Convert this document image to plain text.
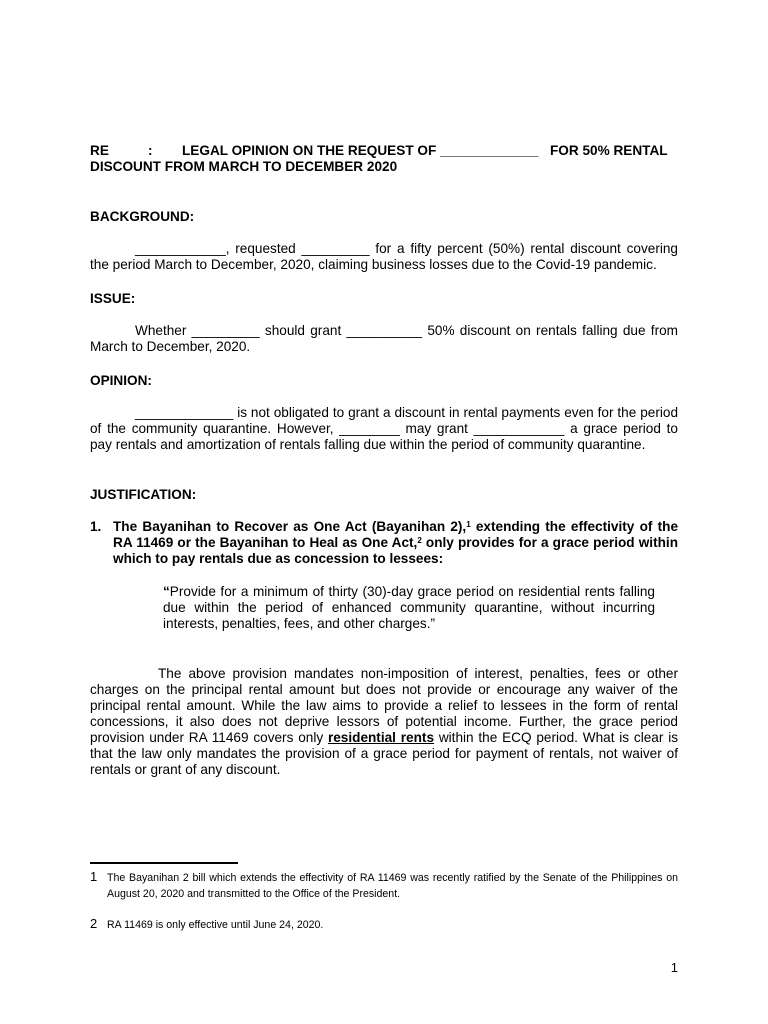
RE	: LEGAL OPINION ON THE REQUEST OF _____________ FOR 50% RENTAL
DISCOUNT FROM MARCH TO DECEMBER 2020
BACKGROUND:
____________, requested _________ for a fifty percent (50%) rental discount covering the period March to December, 2020, claiming business losses due to the Covid-19 pandemic.
ISSUE:
Whether _________ should grant __________ 50% discount on rentals falling due from March to December, 2020.
OPINION:
_____________ is not obligated to grant a discount in rental payments even for the period of the community quarantine. However, ________ may grant ____________ a grace period to pay rentals and amortization of rentals falling due within the period of community quarantine.
JUSTIFICATION:
1. The Bayanihan to Recover as One Act (Bayanihan 2),$^1$ extending the effectivity of the RA 11469 or the Bayanihan to Heal as One Act,$^2$ only provides for a grace period within which to pay rentals due as concession to lessees:
“Provide for a minimum of thirty (30)-day grace period on residential rents falling due within the period of enhanced community quarantine, without incurring interests, penalties, fees, and other charges.”
The above provision mandates non-imposition of interest, penalties, fees or other charges on the principal rental amount but does not provide or encourage any waiver of the principal rental amount. While the law aims to provide a relief to lessees in the form of rental concessions, it also does not deprive lessors of potential income. Further, the grace period provision under RA 11469 covers only residential rents within the ECQ period. What is clear is that the law only mandates the provision of a grace period for payment of rentals, not waiver of rentals or grant of any discount.
1 The Bayanihan 2 bill which extends the effectivity of RA 11469 was recently ratified by the Senate of the Philippines on August 20, 2020 and transmitted to the Office of the President.
2 RA 11469 is only effective until June 24, 2020.
1
